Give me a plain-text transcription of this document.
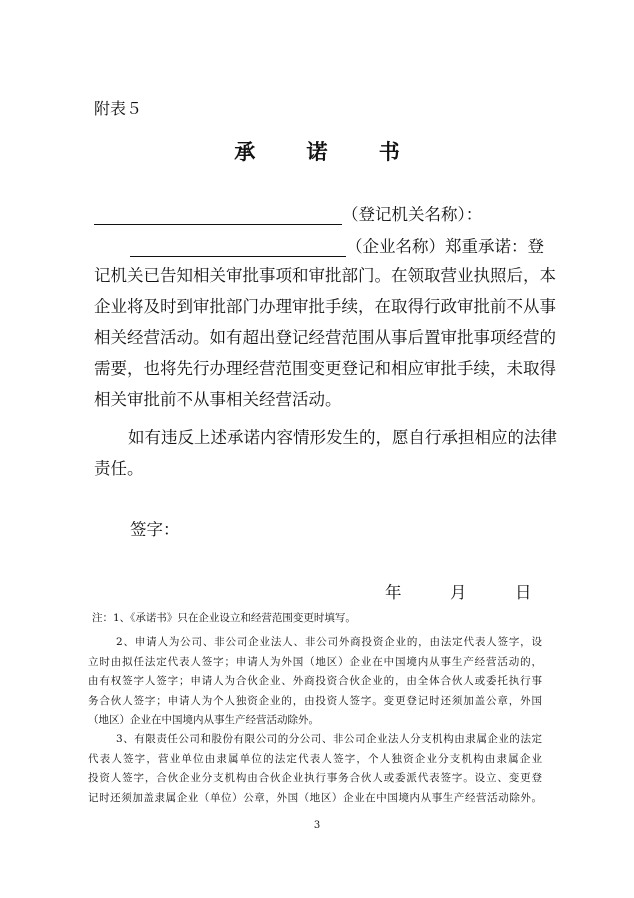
附表５
承 诺 书
（登记机关名称）：
（企业名称）郑重承诺：登
记机关已告知相关审批事项和审批部门。在领取营业执照后，本
企业将及时到审批部门办理审批手续，在取得行政审批前不从事
相关经营活动。如有超出登记经营范围从事后置审批事项经营的
需要，也将先行办理经营范围变更登记和相应审批手续，未取得
相关审批前不从事相关经营活动。
如有违反上述承诺内容情形发生的，愿自行承担相应的法律
责任。
签字：
年	月	日
注：1、《承诺书》只在企业设立和经营范围变更时填写。
2、申请人为公司、非公司企业法人、非公司外商投资企业的，由法定代表人签字，设
立时由拟任法定代表人签字；申请人为外国（地区）企业在中国境内从事生产经营活动的，
由有权签字人签字；申请人为合伙企业、外商投资合伙企业的，由全体合伙人或委托执行事
务合伙人签字；申请人为个人独资企业的，由投资人签字。变更登记时还须加盖公章，外国
（地区）企业在中国境内从事生产经营活动除外。
3、有限责任公司和股份有限公司的分公司、非公司企业法人分支机构由隶属企业的法定
代表人签字，营业单位由隶属单位的法定代表人签字，个人独资企业分支机构由隶属企业
投资人签字，合伙企业分支机构由合伙企业执行事务合伙人或委派代表签字。设立、变更登
记时还须加盖隶属企业（单位）公章，外国（地区）企业在中国境内从事生产经营活动除外。
3
